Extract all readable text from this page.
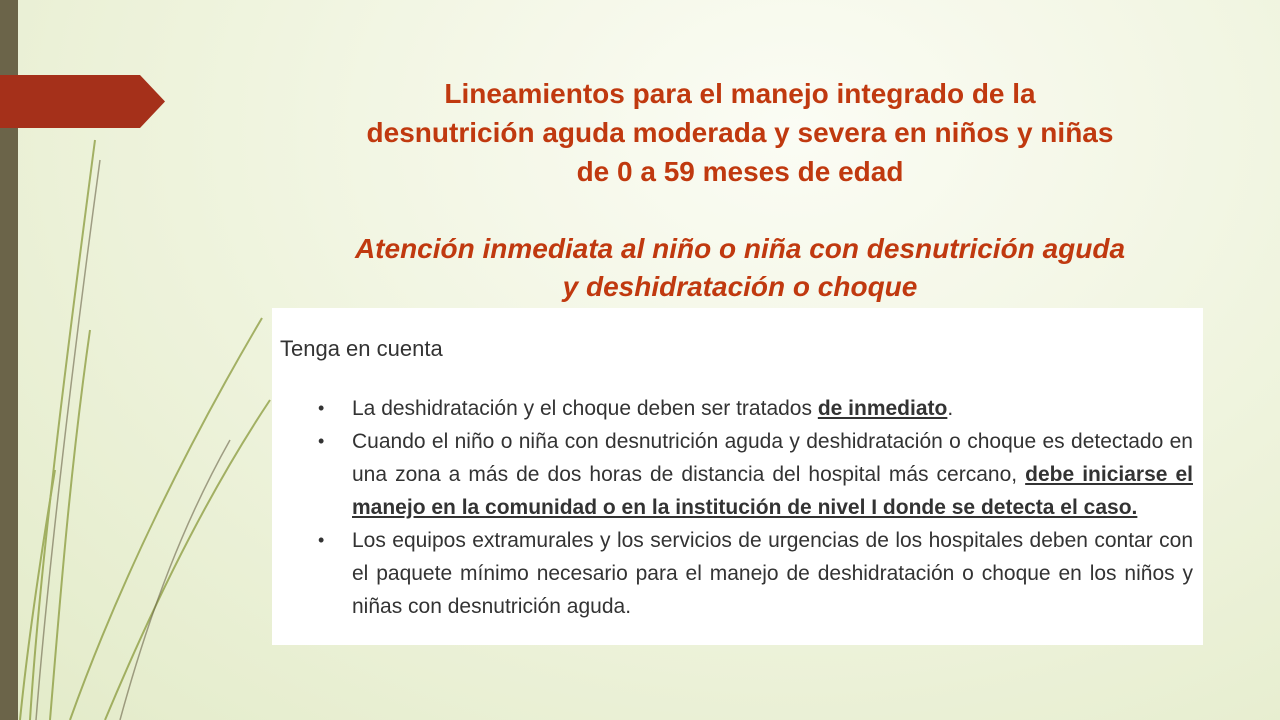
Lineamientos para el manejo integrado de la
desnutrición aguda moderada y severa en niños y niñas
de 0 a 59 meses de edad
Atención inmediata al niño o niña con desnutrición aguda
y deshidratación o choque

Tenga en cuenta

• La deshidratación y el choque deben ser tratados de inmediato.
• Cuando el niño o niña con desnutrición aguda y deshidratación o choque es detectado en una zona a más de dos horas de distancia del hospital más cercano, debe iniciarse el manejo en la comunidad o en la institución de nivel I donde se detecta el caso.
• Los equipos extramurales y los servicios de urgencias de los hospitales deben contar con el paquete mínimo necesario para el manejo de deshidratación o choque en los niños y niñas con desnutrición aguda.
